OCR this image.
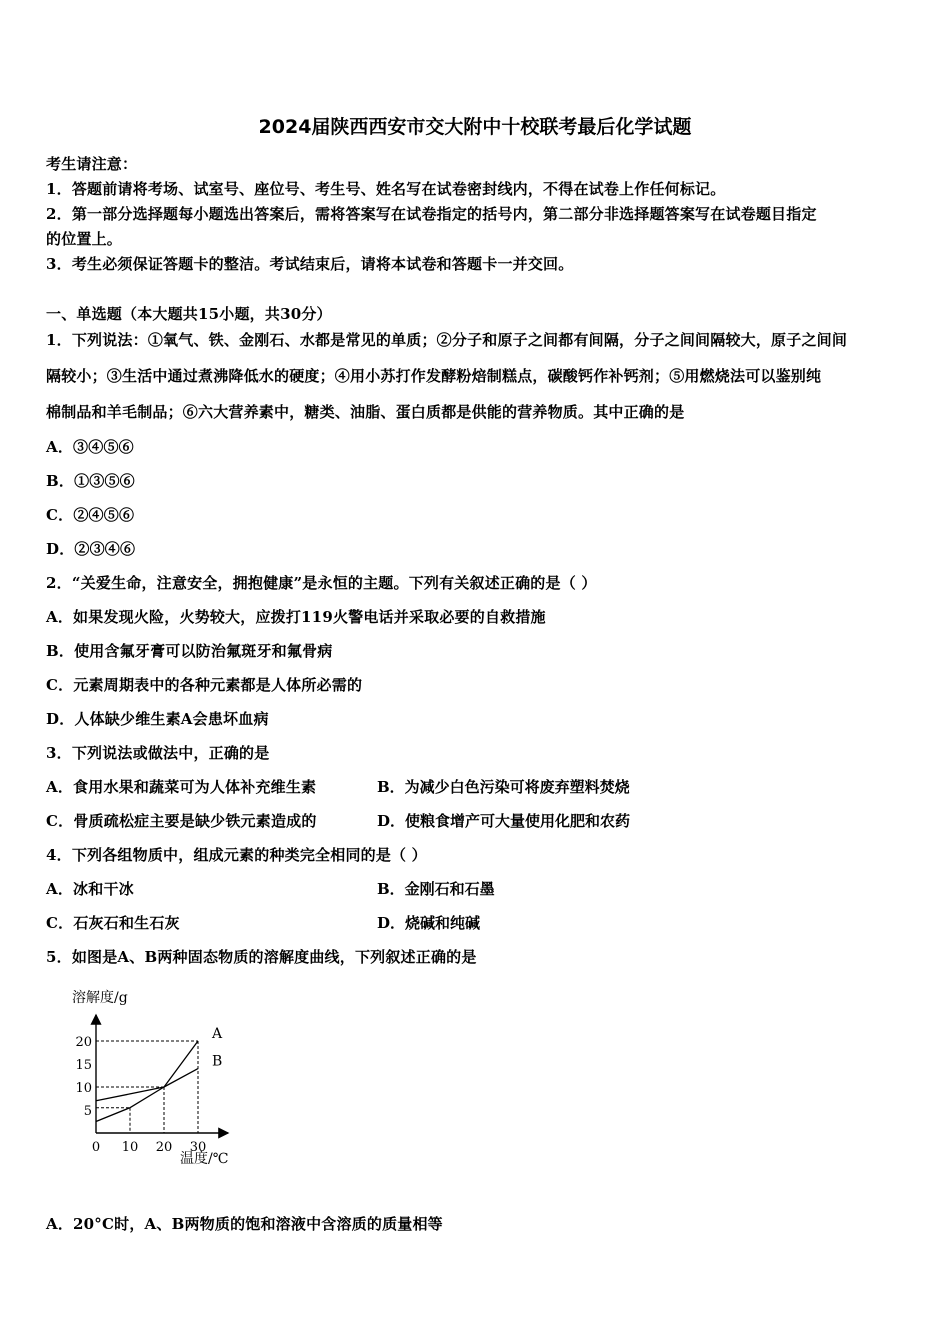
2024届陕西西安市交大附中十校联考最后化学试题
考生请注意：
1．答题前请将考场、试室号、座位号、考生号、姓名写在试卷密封线内，不得在试卷上作任何标记。
2．第一部分选择题每小题选出答案后，需将答案写在试卷指定的括号内，第二部分非选择题答案写在试卷题目指定
的位置上。
3．考生必须保证答题卡的整洁。考试结束后，请将本试卷和答题卡一并交回。
一、单选题（本大题共15小题，共30分）
1．下列说法：①氧气、铁、金刚石、水都是常见的单质；②分子和原子之间都有间隔，分子之间间隔较大，原子之间间
隔较小；③生活中通过煮沸降低水的硬度；④用小苏打作发酵粉焙制糕点，碳酸钙作补钙剂；⑤用燃烧法可以鉴别纯
棉制品和羊毛制品；⑥六大营养素中，糖类、油脂、蛋白质都是供能的营养物质。其中正确的是
A．③④⑤⑥
B．①③⑤⑥
C．②④⑤⑥
D．②③④⑥
2．“关爱生命，注意安全，拥抱健康”是永恒的主题。下列有关叙述正确的是（ ）
A．如果发现火险，火势较大，应拨打119火警电话并采取必要的自救措施
B．使用含氟牙膏可以防治氟斑牙和氟骨病
C．元素周期表中的各种元素都是人体所必需的
D．人体缺少维生素A会患坏血病
3．下列说法或做法中，正确的是
A．食用水果和蔬菜可为人体补充维生素	B．为减少白色污染可将废弃塑料焚烧
C．骨质疏松症主要是缺少铁元素造成的	D．使粮食增产可大量使用化肥和农药
4．下列各组物质中，组成元素的种类完全相同的是（ ）
A．冰和干冰	B．金刚石和石墨
C．石灰石和生石灰	D．烧碱和纯碱
5．如图是A、B两种固态物质的溶解度曲线，下列叙述正确的是
溶解度/g
温度/℃
0 10 20 30
5
10
15
20
A
B
A．20°C时，A、B两物质的饱和溶液中含溶质的质量相等
